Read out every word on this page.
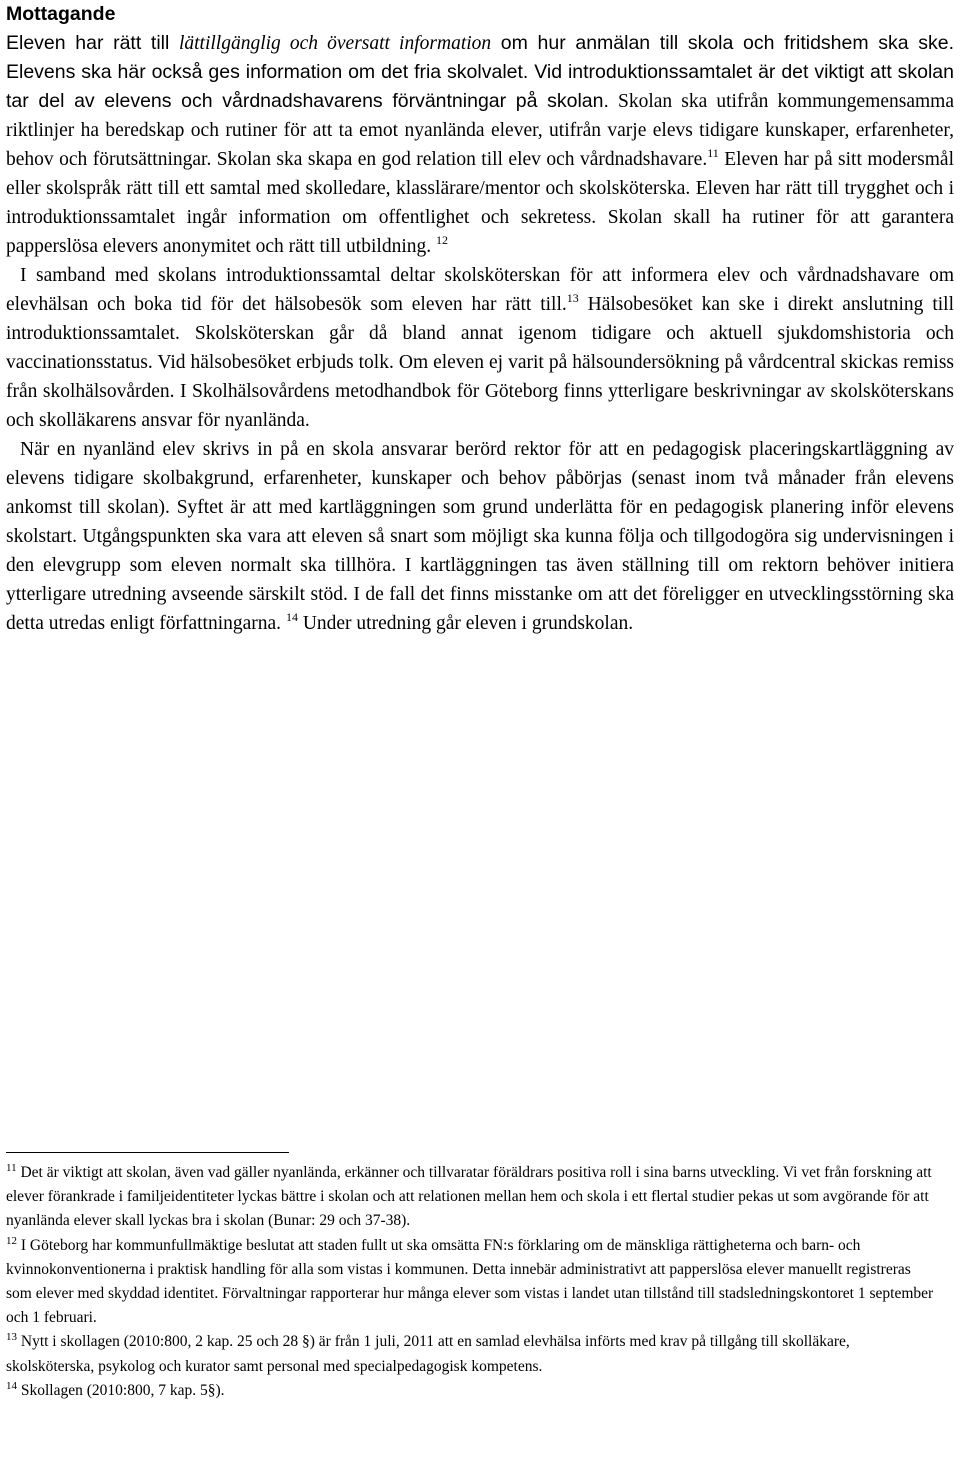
Mottagande

Eleven har rätt till lättillgänglig och översatt information om hur anmälan till skola och fritidshem ska ske. Elevens ska här också ges information om det fria skolvalet. Vid introduktionssamtalet är det viktigt att skolan tar del av elevens och vårdnadshavarens förväntningar på skolan. Skolan ska utifrån kommungemensamma riktlinjer ha beredskap och rutiner för att ta emot nyanlända elever, utifrån varje elevs tidigare kunskaper, erfarenheter, behov och förutsättningar. Skolan ska skapa en god relation till elev och vårdnadshavare.$^{11}$ Eleven har på sitt modersmål eller skolspråk rätt till ett samtal med skolledare, klasslärare/mentor och skolsköterska. Eleven har rätt till trygghet och i introduktionssamtalet ingår information om offentlighet och sekretess. Skolan skall ha rutiner för att garantera papperslösa elevers anonymitet och rätt till utbildning. $^{12}$

I samband med skolans introduktionssamtal deltar skolsköterskan för att informera elev och vårdnadshavare om elevhälsan och boka tid för det hälsobesök som eleven har rätt till.$^{13}$ Hälsobesöket kan ske i direkt anslutning till introduktionssamtalet. Skolsköterskan går då bland annat igenom tidigare och aktuell sjukdomshistoria och vaccinationsstatus. Vid hälsobesöket erbjuds tolk. Om eleven ej varit på hälsoundersökning på vårdcentral skickas remiss från skolhälsovården. I Skolhälsovårdens metodhandbok för Göteborg finns ytterligare beskrivningar av skolsköterskans och skolläkarens ansvar för nyanlända.

När en nyanländ elev skrivs in på en skola ansvarar berörd rektor för att en pedagogisk placeringskartläggning av elevens tidigare skolbakgrund, erfarenheter, kunskaper och behov påbörjas (senast inom två månader från elevens ankomst till skolan). Syftet är att med kartläggningen som grund underlätta för en pedagogisk planering inför elevens skolstart. Utgångspunkten ska vara att eleven så snart som möjligt ska kunna följa och tillgodogöra sig undervisningen i den elevgrupp som eleven normalt ska tillhöra. I kartläggningen tas även ställning till om rektorn behöver initiera ytterligare utredning avseende särskilt stöd. I de fall det finns misstanke om att det föreligger en utvecklingsstörning ska detta utredas enligt författningarna. $^{14}$ Under utredning går eleven i grundskolan.

$^{11}$ Det är viktigt att skolan, även vad gäller nyanlända, erkänner och tillvaratar föräldrars positiva roll i sina barns utveckling. Vi vet från forskning att elever förankrade i familjeidentiteter lyckas bättre i skolan och att relationen mellan hem och skola i ett flertal studier pekas ut som avgörande för att nyanlända elever skall lyckas bra i skolan (Bunar: 29 och 37-38).

$^{12}$ I Göteborg har kommunfullmäktige beslutat att staden fullt ut ska omsätta FN:s förklaring om de mänskliga rättigheterna och barn- och kvinnokonventionerna i praktisk handling för alla som vistas i kommunen. Detta innebär administrativt att papperslösa elever manuellt registreras som elever med skyddad identitet. Förvaltningar rapporterar hur många elever som vistas i landet utan tillstånd till stadsledningskontoret 1 september och 1 februari.

$^{13}$ Nytt i skollagen (2010:800, 2 kap. 25 och 28 §) är från 1 juli, 2011 att en samlad elevhälsa införts med krav på tillgång till skolläkare, skolsköterska, psykolog och kurator samt personal med specialpedagogisk kompetens.

$^{14}$ Skollagen (2010:800, 7 kap. 5§).
